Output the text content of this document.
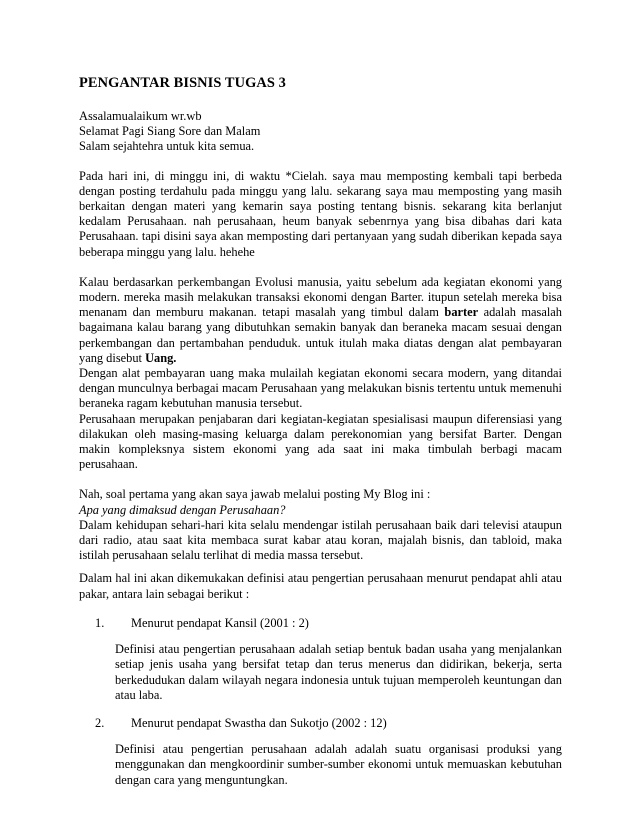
PENGANTAR BISNIS TUGAS 3

Assalamualaikum wr.wb

Selamat Pagi Siang Sore dan Malam

Salam sejahtehra untuk kita semua.

Pada hari ini, di minggu ini, di waktu *Cielah. saya mau memposting kembali tapi berbeda dengan posting terdahulu pada minggu yang lalu. sekarang saya mau memposting yang masih berkaitan dengan materi yang kemarin saya posting tentang bisnis. sekarang kita berlanjut kedalam Perusahaan. nah perusahaan, heum banyak sebenrnya yang bisa dibahas dari kata Perusahaan. tapi disini saya akan memposting dari pertanyaan yang sudah diberikan kepada saya beberapa minggu yang lalu. hehehe

Kalau berdasarkan perkembangan Evolusi manusia, yaitu sebelum ada kegiatan ekonomi yang modern. mereka masih melakukan transaksi ekonomi dengan Barter. itupun setelah mereka bisa menanam dan memburu makanan. tetapi masalah yang timbul dalam barter adalah masalah bagaimana kalau barang yang dibutuhkan semakin banyak dan beraneka macam sesuai dengan perkembangan dan pertambahan penduduk. untuk itulah maka diatas dengan alat pembayaran yang disebut Uang.

Dengan alat pembayaran uang maka mulailah kegiatan ekonomi secara modern, yang ditandai dengan munculnya berbagai macam Perusahaan yang melakukan bisnis tertentu untuk memenuhi beraneka ragam kebutuhan manusia tersebut.

Perusahaan merupakan penjabaran dari kegiatan-kegiatan spesialisasi maupun diferensiasi yang dilakukan oleh masing-masing keluarga dalam perekonomian yang bersifat Barter. Dengan makin kompleksnya sistem ekonomi yang ada saat ini maka timbulah berbagi macam perusahaan.

Nah, soal pertama yang akan saya jawab melalui posting My Blog ini :

Apa yang dimaksud dengan Perusahaan?

Dalam kehidupan sehari-hari kita selalu mendengar istilah perusahaan baik dari televisi ataupun dari radio, atau saat kita membaca surat kabar atau koran, majalah bisnis, dan tabloid, maka istilah perusahaan selalu terlihat di media massa tersebut.

Dalam hal ini akan dikemukakan definisi atau pengertian perusahaan menurut pendapat ahli atau pakar, antara lain sebagai berikut :

1.	Menurut pendapat Kansil (2001 : 2)

Definisi atau pengertian perusahaan adalah setiap bentuk badan usaha yang menjalankan setiap jenis usaha yang bersifat tetap dan terus menerus dan didirikan, bekerja, serta berkedudukan dalam wilayah negara indonesia untuk tujuan memperoleh keuntungan dan atau laba.

2.	Menurut pendapat Swastha dan Sukotjo (2002 : 12)

Definisi atau pengertian perusahaan adalah adalah suatu organisasi produksi yang menggunakan dan mengkoordinir sumber-sumber ekonomi untuk memuaskan kebutuhan dengan cara yang menguntungkan.
